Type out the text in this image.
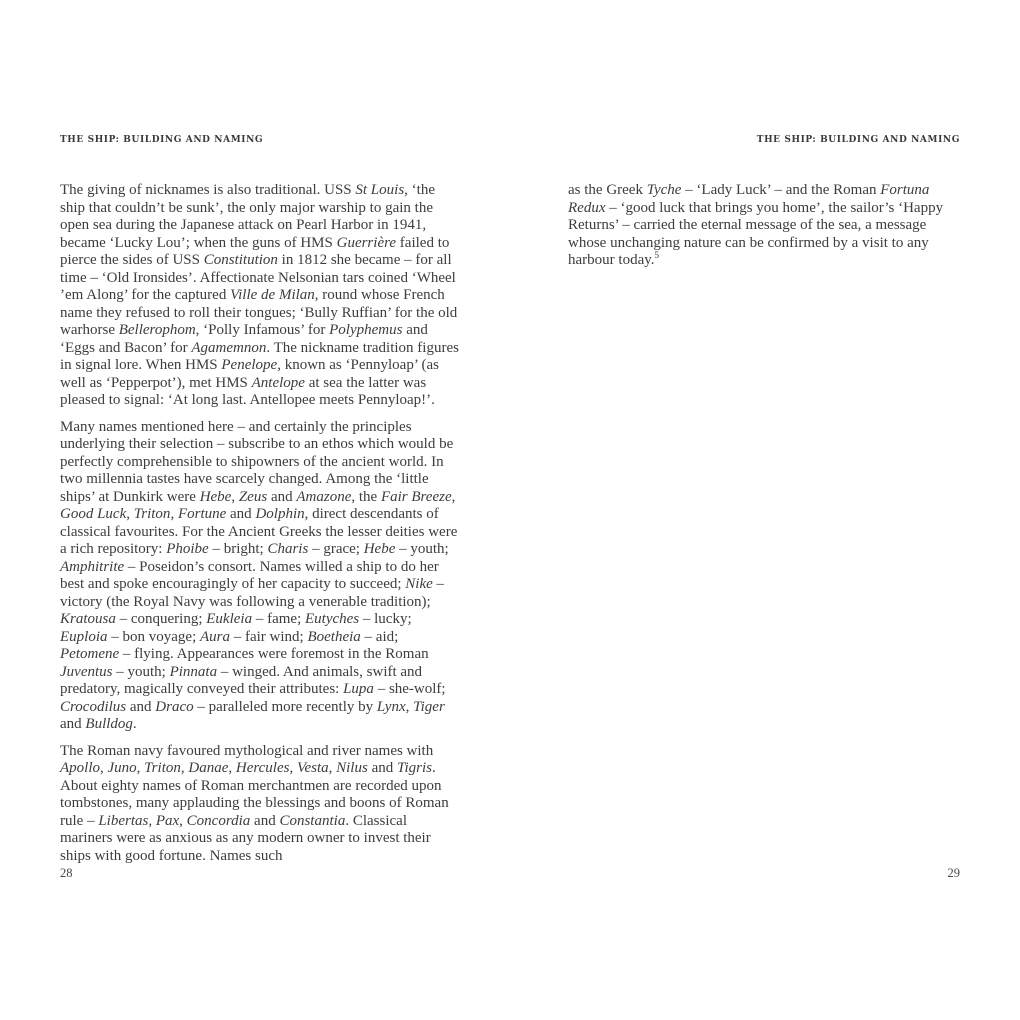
THE SHIP: BUILDING AND NAMING

The giving of nicknames is also traditional. USS St Louis, ‘the ship that couldn’t be sunk’, the only major warship to gain the open sea during the Japanese attack on Pearl Harbor in 1941, became ‘Lucky Lou’; when the guns of HMS Guerrière failed to pierce the sides of USS Constitution in 1812 she became – for all time – ‘Old Ironsides’. Affectionate Nelsonian tars coined ‘Wheel ’em Along’ for the captured Ville de Milan, round whose French name they refused to roll their tongues; ‘Bully Ruffian’ for the old warhorse Bellerophom, ‘Polly Infamous’ for Polyphemus and ‘Eggs and Bacon’ for Agamemnon. The nickname tradition figures in signal lore. When HMS Penelope, known as ‘Pennyloap’ (as well as ‘Pepperpot’), met HMS Antelope at sea the latter was pleased to signal: ‘At long last. Antellopee meets Pennyloap!’.

Many names mentioned here – and certainly the principles underlying their selection – subscribe to an ethos which would be perfectly comprehensible to shipowners of the ancient world. In two millennia tastes have scarcely changed. Among the ‘little ships’ at Dunkirk were Hebe, Zeus and Amazone, the Fair Breeze, Good Luck, Triton, Fortune and Dolphin, direct descendants of classical favourites. For the Ancient Greeks the lesser deities were a rich repository: Phoibe – bright; Charis – grace; Hebe – youth; Amphitrite – Poseidon’s consort. Names willed a ship to do her best and spoke encouragingly of her capacity to succeed; Nike – victory (the Royal Navy was following a venerable tradition); Kratousa – conquering; Eukleia – fame; Eutyches – lucky; Euploia – bon voyage; Aura – fair wind; Boetheia – aid; Petomene – flying. Appearances were foremost in the Roman Juventus – youth; Pinnata – winged. And animals, swift and predatory, magically conveyed their attributes: Lupa – she-wolf; Crocodilus and Draco – paralleled more recently by Lynx, Tiger and Bulldog.

The Roman navy favoured mythological and river names with Apollo, Juno, Triton, Danae, Hercules, Vesta, Nilus and Tigris. About eighty names of Roman merchantmen are recorded upon tombstones, many applauding the blessings and boons of Roman rule – Libertas, Pax, Concordia and Constantia. Classical mariners were as anxious as any modern owner to invest their ships with good fortune. Names such

28
THE SHIP: BUILDING AND NAMING

as the Greek Tyche – ‘Lady Luck’ – and the Roman Fortuna Redux – ‘good luck that brings you home’, the sailor’s ‘Happy Returns’ – carried the eternal message of the sea, a message whose unchanging nature can be confirmed by a visit to any harbour today.$^5$

29
